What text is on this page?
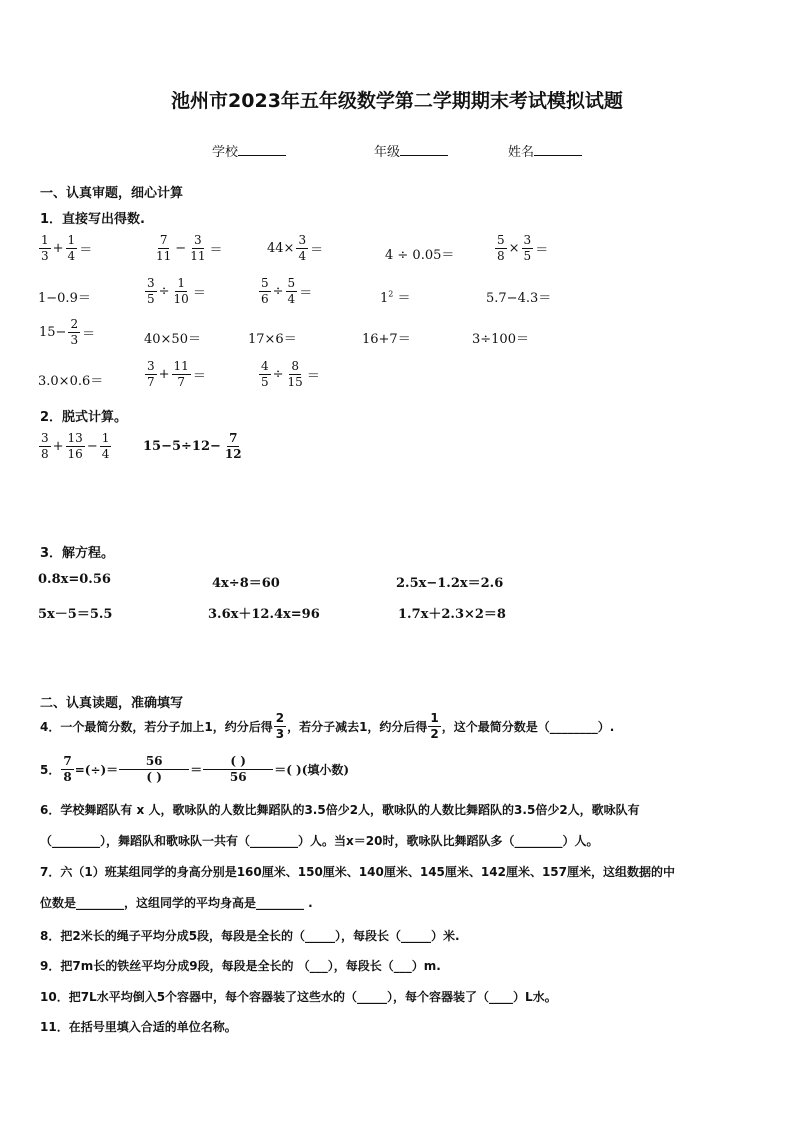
池州市2023年五年级数学第二学期期末考试模拟试题
学校	年级	姓名
一、认真审题，细心计算
1．直接写出得数.
$\frac{1}{3} + \frac{1}{4}$ ＝	$\frac{7}{11} - \frac{3}{11}$ ＝	$44\times \frac{3}{4}$ ＝	4 ÷ 0.05＝	$\frac{5}{8} \times \frac{3}{5}$ ＝
1−0.9＝	$\frac{3}{5} \div \frac{1}{10}$ ＝	$\frac{5}{6} \div \frac{5}{4}$ ＝	$1^2$ ＝	5.7−4.3＝
$15- \frac{2}{3}$ ＝	40×50＝	17×6＝	16+7＝	3÷100＝
3.0×0.6＝	$\frac{3}{7} + \frac{11}{7}$ ＝	$\frac{4}{5} \div \frac{8}{15}$ ＝
2．脱式计算。
$\frac{3}{8} + \frac{13}{16} - \frac{1}{4} 15-5\div 12- \frac{7}{12}$
3．解方程。
0.8x=0.56	4x÷8＝60	2.5x−1.2x＝2.6
5x－5＝5.5	3.6x＋12.4x=96	1.7x＋2.3×2＝8
二、认真读题，准确填写
4．一个最简分数，若分子加上1，约分后得 $\frac{2}{3}$ ，若分子减去1，约分后得 $\frac{1}{2}$ ，这个最简分数是（________）.
5． $\frac{7}{8}$ =(÷)＝ $\frac{56}{( )} = \frac{( )}{56}$ ＝( )(填小数)
6．学校舞蹈队有 x 人，歌咏队的人数比舞蹈队的3.5倍少2人，歌咏队的人数比舞蹈队的3.5倍少2人，歌咏队有
（________），舞蹈队和歌咏队一共有（________）人。当x＝20时，歌咏队比舞蹈队多（________）人。
7．六（1）班某组同学的身高分别是160厘米、150厘米、140厘米、145厘米、142厘米、157厘米，这组数据的中
位数是________，这组同学的平均身高是________ .
8．把2米长的绳子平均分成5段，每段是全长的（_____），每段长（_____）米.
9．把7m长的铁丝平均分成9段，每段是全长的 （___），每段长（___）m.
10．把7L水平均倒入5个容器中，每个容器装了这些水的（_____），每个容器装了（____）L水。
11．在括号里填入合适的单位名称。
